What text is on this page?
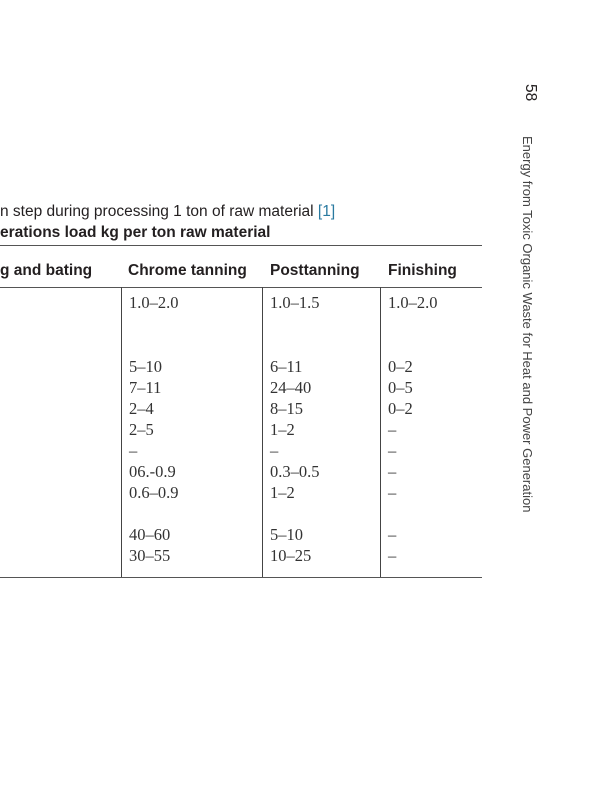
58
Energy from Toxic Organic Waste for Heat and Power Generation
n step during processing 1 ton of raw material [1]
erations load kg per ton raw material
g and bating Chrome tanning Posttanning Finishing
1.0–2.0
5–10
7–11
2–4
2–5
–
06.-0.9
0.6–0.9
40–60
30–55
1.0–1.5
6–11
24–40
8–15
1–2
–
0.3–0.5
1–2
5–10
10–25
1.0–2.0
0–2
0–5
0–2
–
–
–
–
–
–
